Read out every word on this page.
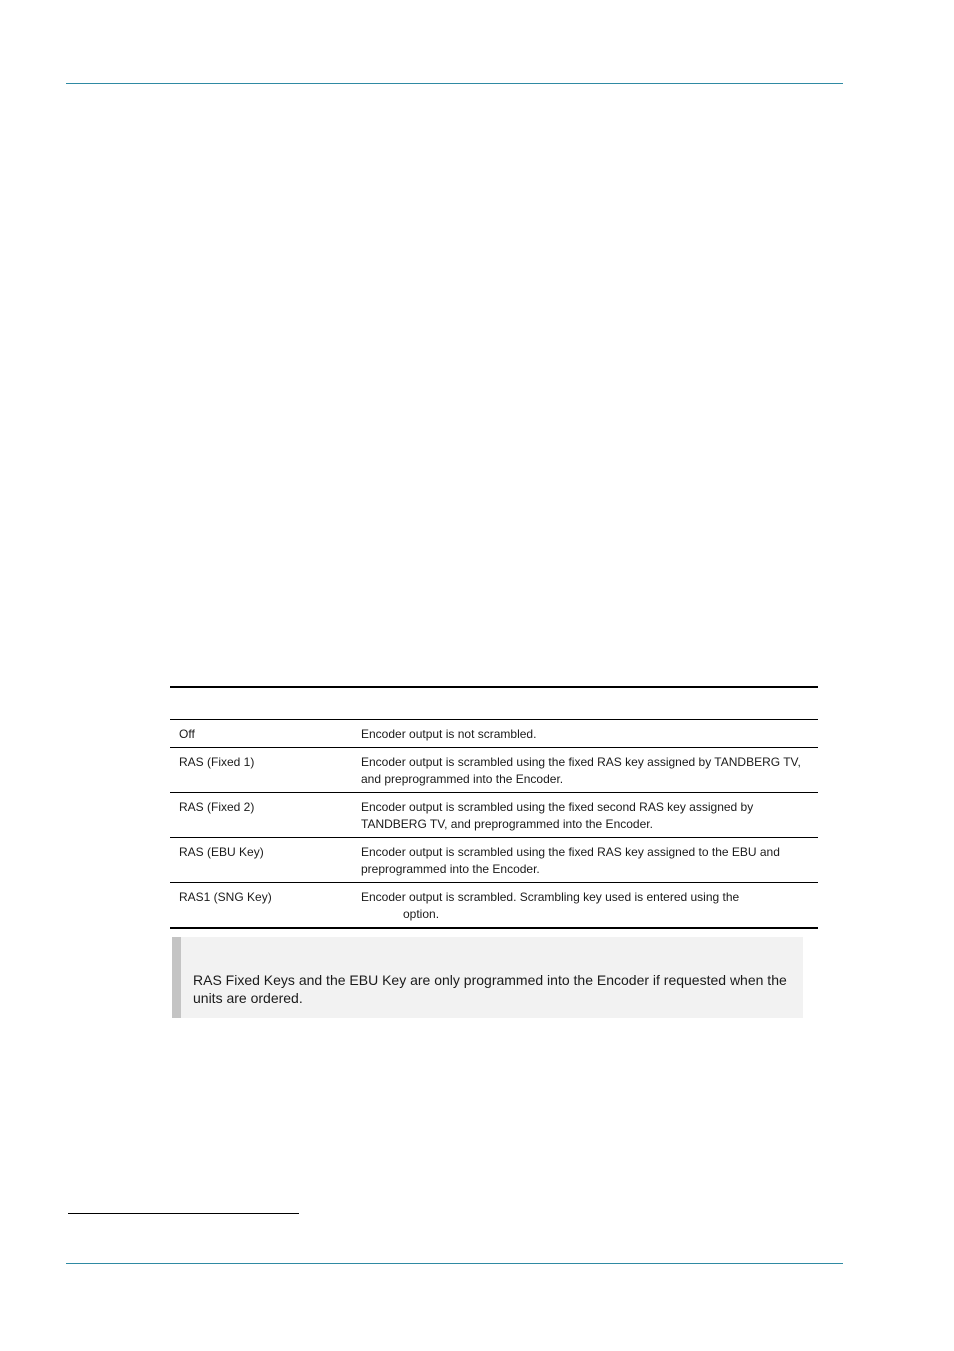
Off	Encoder output is not scrambled.
RAS (Fixed 1)	Encoder output is scrambled using the fixed RAS key assigned by TANDBERG TV, and preprogrammed into the Encoder.
RAS (Fixed 2)	Encoder output is scrambled using the fixed second RAS key assigned by TANDBERG TV, and preprogrammed into the Encoder.
RAS (EBU Key)	Encoder output is scrambled using the fixed RAS key assigned to the EBU and preprogrammed into the Encoder.
RAS1 (SNG Key)	Encoder output is scrambled. Scrambling key used is entered using the
option.
RAS Fixed Keys and the EBU Key are only programmed into the Encoder if requested when the units are ordered.
